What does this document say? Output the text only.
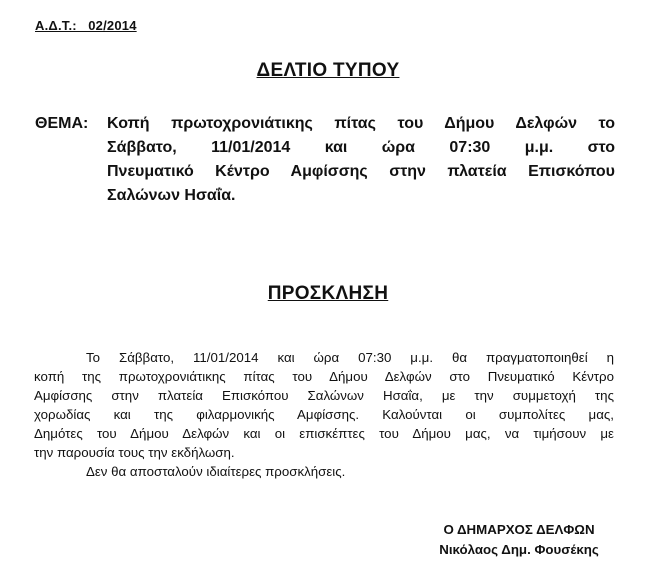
Α.Δ.Τ.:   02/2014
ΔΕΛΤΙΟ ΤΥΠΟΥ
ΘΕΜΑ:	Κοπή πρωτοχρονιάτικης πίτας του Δήμου Δελφών το
Σάββατο, 11/01/2014 και ώρα 07:30 μ.μ. στο
Πνευματικό Κέντρο Αμφίσσης στην πλατεία Επισκόπου
Σαλώνων Ησαΐα.
ΠΡΟΣΚΛΗΣΗ
Το Σάββατο, 11/01/2014 και ώρα 07:30 μ.μ. θα πραγματοποιηθεί η
κοπή της πρωτοχρονιάτικης πίτας του Δήμου Δελφών στο Πνευματικό Κέντρο
Αμφίσσης στην πλατεία Επισκόπου Σαλώνων Ησαΐα, με την συμμετοχή της
χορωδίας και της φιλαρμονικής Αμφίσσης. Καλούνται οι συμπολίτες μας,
Δημότες του Δήμου Δελφών και οι επισκέπτες του Δήμου μας, να τιμήσουν με
την παρουσία τους την εκδήλωση.
Δεν θα αποσταλούν ιδιαίτερες προσκλήσεις.
Ο ΔΗΜΑΡΧΟΣ ΔΕΛΦΩΝ
Νικόλαος Δημ. Φουσέκης
